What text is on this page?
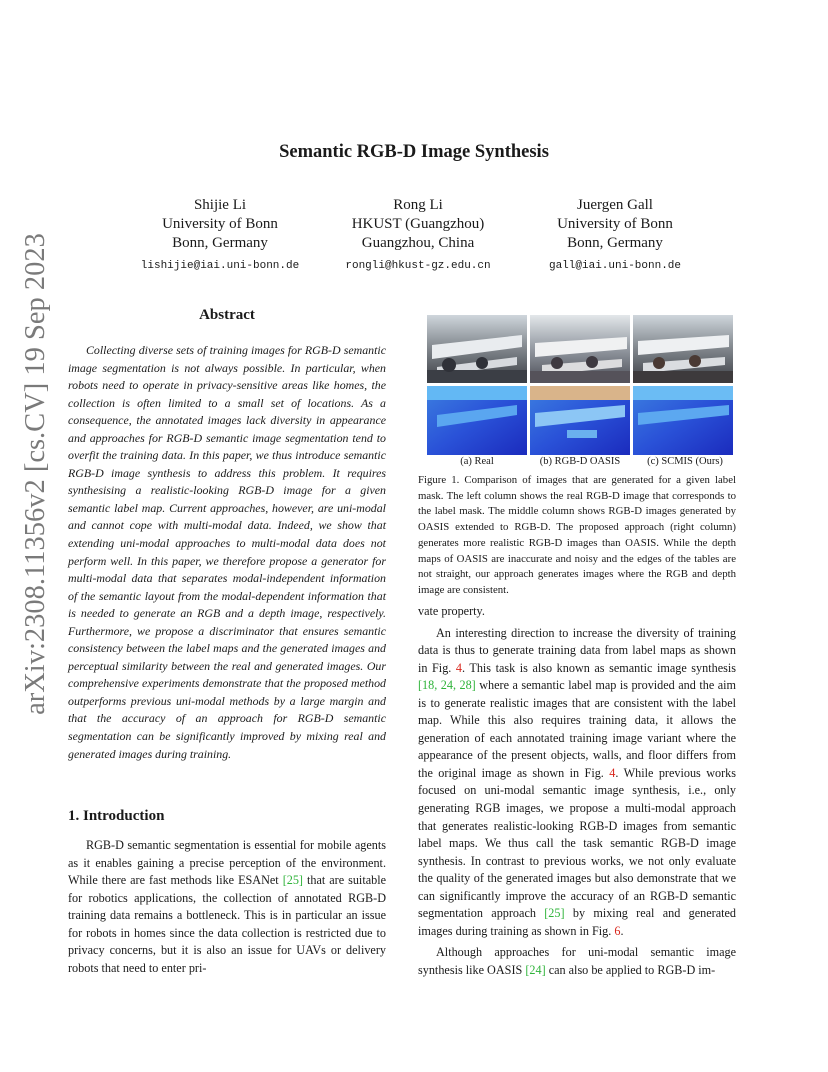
Semantic RGB-D Image Synthesis
Shijie Li
University of Bonn
Bonn, Germany
lishijie@iai.uni-bonn.de
Rong Li
HKUST (Guangzhou)
Guangzhou, China
rongli@hkust-gz.edu.cn
Juergen Gall
University of Bonn
Bonn, Germany
gall@iai.uni-bonn.de
arXiv:2308.11356v2 [cs.CV] 19 Sep 2023	Abstract
Collecting diverse sets of training images for RGB-D semantic image segmentation is not always possible. In particular, when robots need to operate in privacy-sensitive areas like homes, the collection is often limited to a small set of locations. As a consequence, the annotated images lack diversity in appearance and approaches for RGB-D semantic image segmentation tend to overfit the training data. In this paper, we thus introduce semantic RGB-D image synthesis to address this problem. It requires synthesising a realistic-looking RGB-D image for a given semantic label map. Current approaches, however, are uni-modal and cannot cope with multi-modal data. Indeed, we show that extending uni-modal approaches to multi-modal data does not perform well. In this paper, we therefore propose a generator for multi-modal data that separates modal-independent information of the semantic layout from the modal-dependent information that is needed to generate an RGB and a depth image, respectively. Furthermore, we propose a discriminator that ensures semantic consistency between the label maps and the generated images and perceptual similarity between the real and generated images. Our comprehensive experiments demonstrate that the proposed method outperforms previous uni-modal methods by a large margin and that the accuracy of an approach for RGB-D semantic segmentation can be significantly improved by mixing real and generated images during training.
1. Introduction

RGB-D semantic segmentation is essential for mobile agents as it enables gaining a precise perception of the environment. While there are fast methods like ESANet [25] that are suitable for robotics applications, the collection of annotated RGB-D training data remains a bottleneck. This is in particular an issue for robots in homes since the data collection is restricted due to privacy concerns, but it is also an issue for UAVs or delivery robots that need to enter pri-

(a) Real	(b) RGB-D OASIS	(c) SCMIS (Ours)
Figure 1. Comparison of images that are generated for a given label mask. The left column shows the real RGB-D image that corresponds to the label mask. The middle column shows RGB-D images generated by OASIS extended to RGB-D. The proposed approach (right column) generates more realistic RGB-D images than OASIS. While the depth maps of OASIS are inaccurate and noisy and the edges of the tables are not straight, our approach generates images where the RGB and depth image are consistent.

vate property.

An interesting direction to increase the diversity of training data is thus to generate training data from label maps as shown in Fig. 4. This task is also known as semantic image synthesis [18, 24, 28] where a semantic label map is provided and the aim is to generate realistic images that are consistent with the label map. While this also requires training data, it allows the generation of each annotated training image variant where the appearance of the present objects, walls, and floor differs from the original image as shown in Fig. 4. While previous works focused on uni-modal semantic image synthesis, i.e., only generating RGB images, we propose a multi-modal approach that generates realistic-looking RGB-D images from semantic label maps. We thus call the task semantic RGB-D image synthesis. In contrast to previous works, we not only evaluate the quality of the generated images but also demonstrate that we can significantly improve the accuracy of an RGB-D semantic segmentation approach [25] by mixing real and generated images during training as shown in Fig. 6.

Although approaches for uni-modal semantic image synthesis like OASIS [24] can also be applied to RGB-D im-
